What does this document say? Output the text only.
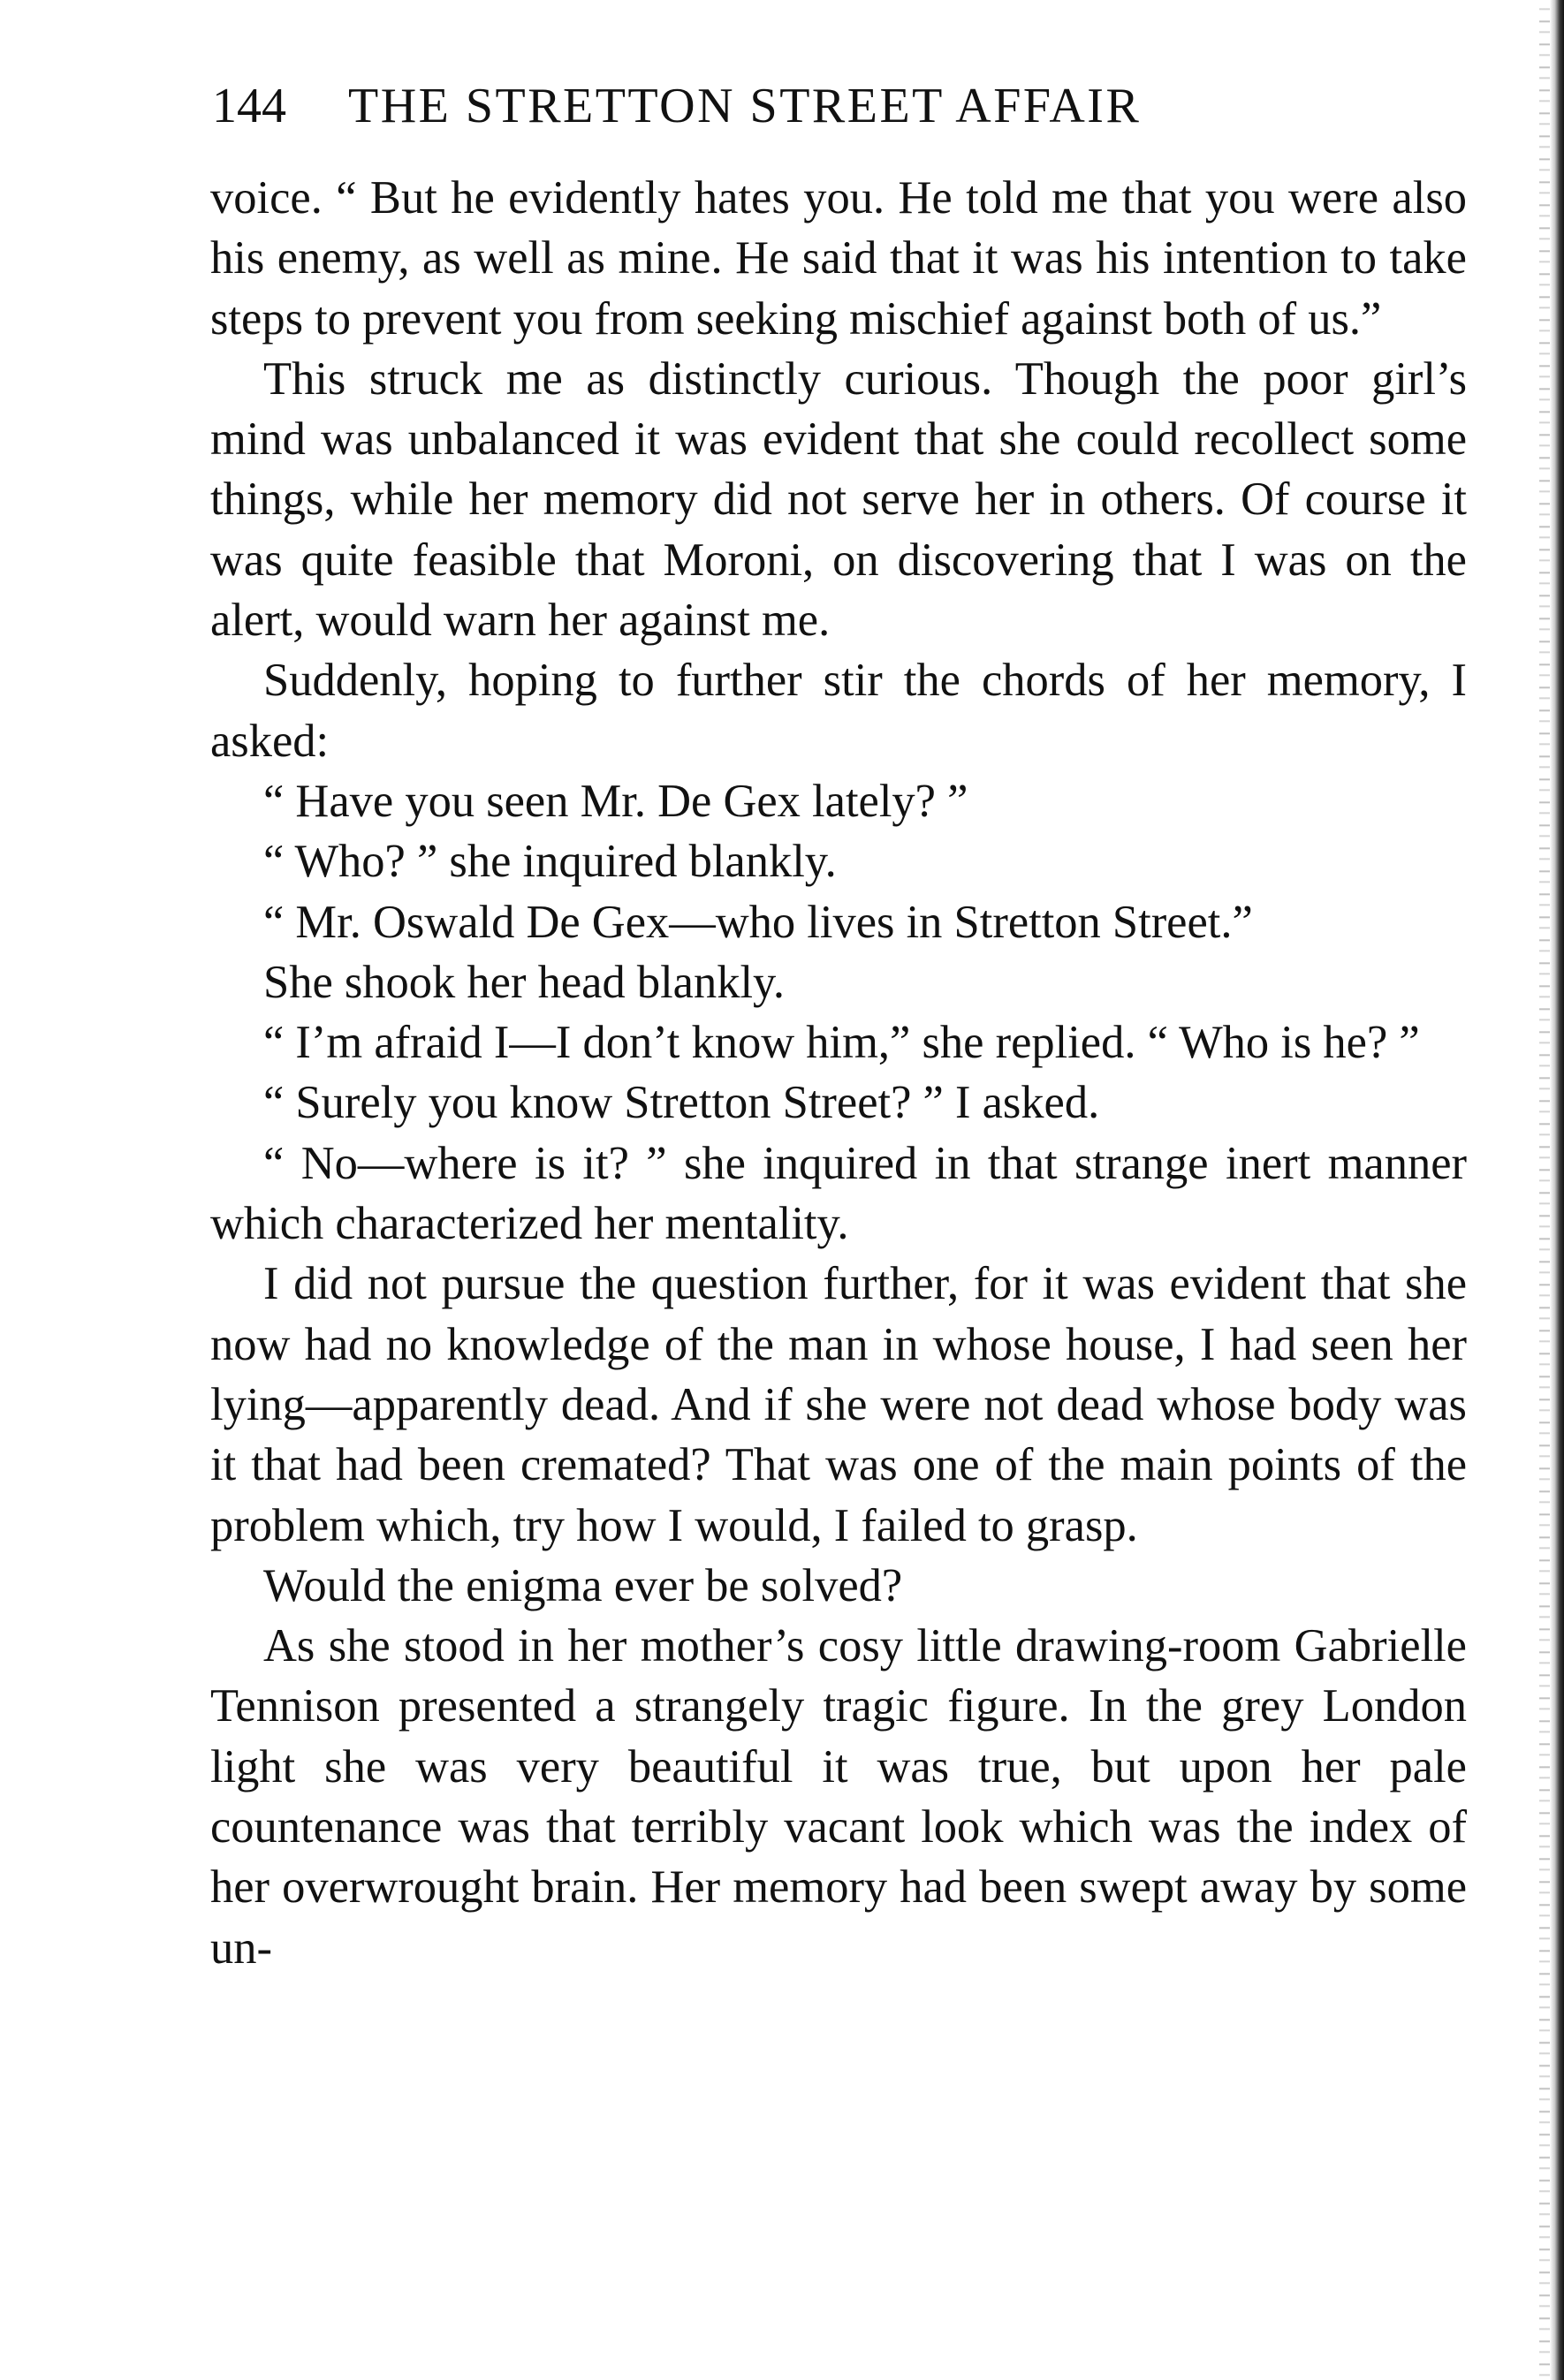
144 THE STRETTON STREET AFFAIR

voice. “ But he evidently hates you. He told me that you were also his enemy, as well as mine. He said that it was his intention to take steps to prevent you from seeking mischief against both of us.”

This struck me as distinctly curious. Though the poor girl’s mind was unbalanced it was evident that she could recollect some things, while her memory did not serve her in others. Of course it was quite feasible that Moroni, on discovering that I was on the alert, would warn her against me.

Suddenly, hoping to further stir the chords of her memory, I asked:

“ Have you seen Mr. De Gex lately? ”

“ Who? ” she inquired blankly.

“ Mr. Oswald De Gex—who lives in Stretton Street.”

She shook her head blankly.

“ I’m afraid I—I don’t know him,” she replied. “ Who is he? ”

“ Surely you know Stretton Street? ” I asked.

“ No—where is it? ” she inquired in that strange inert manner which characterized her mentality.

I did not pursue the question further, for it was evident that she now had no knowledge of the man in whose house, I had seen her lying—apparently dead. And if she were not dead whose body was it that had been cremated? That was one of the main points of the problem which, try how I would, I failed to grasp.

Would the enigma ever be solved?

As she stood in her mother’s cosy little drawing-room Gabrielle Tennison presented a strangely tragic figure. In the grey London light she was very beautiful it was true, but upon her pale countenance was that terribly vacant look which was the index of her overwrought brain. Her memory had been swept away by some un-
